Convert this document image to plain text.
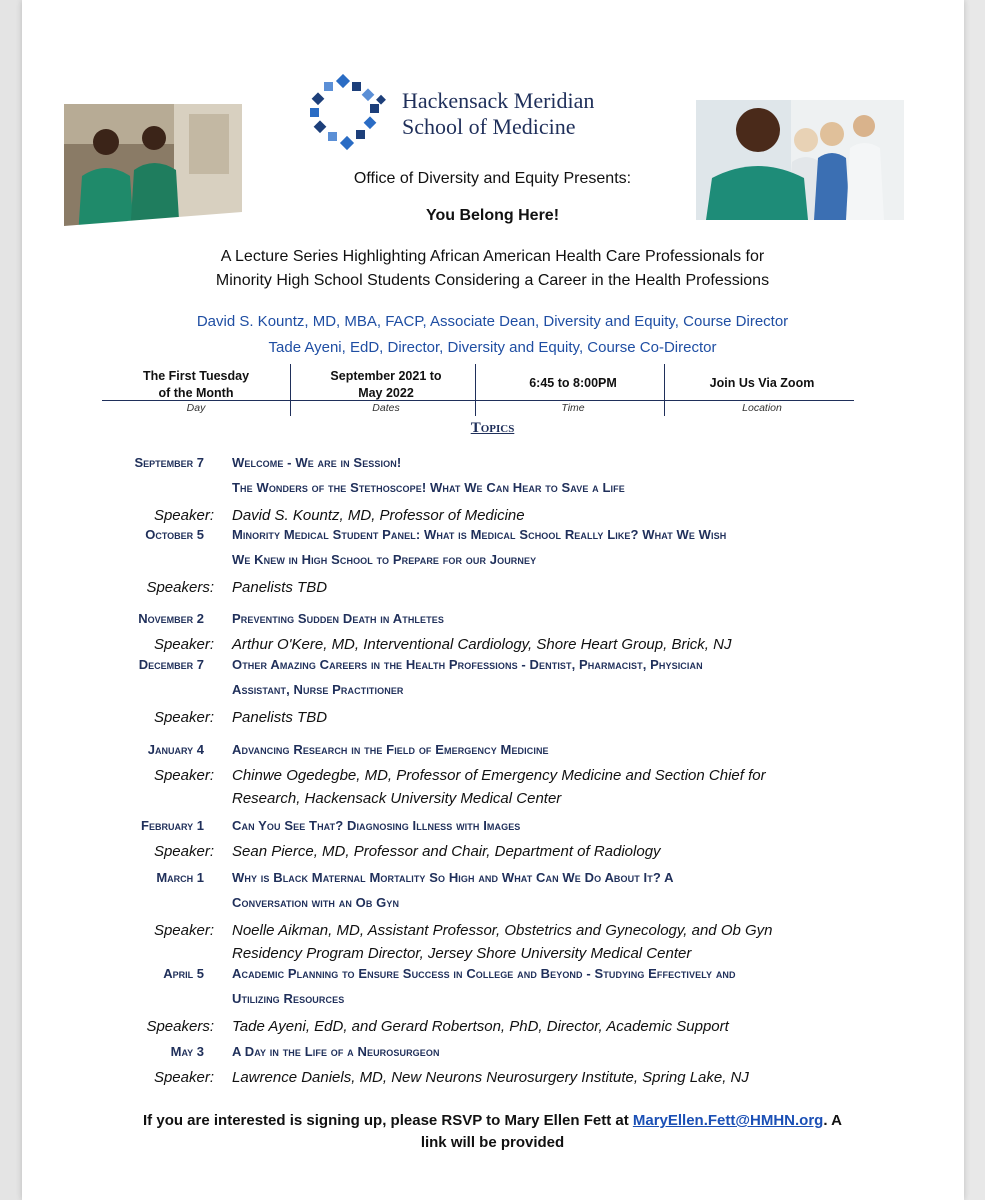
Hackensack Meridian
School of Medicine
Office of Diversity and Equity Presents:
You Belong Here!
A Lecture Series Highlighting African American Health Care Professionals for
Minority High School Students Considering a Career in the Health Professions
David S. Kountz, MD, MBA, FACP, Associate Dean, Diversity and Equity, Course Director
Tade Ayeni, EdD, Director, Diversity and Equity, Course Co-Director
The First Tuesday
of the Month
Day
September 2021 to
May 2022
Dates
6:45 to 8:00PM
Time
Join Us Via Zoom
Location
Topics
September 7 Welcome - We are in Session!
The Wonders of the Stethoscope! What We Can Hear to Save a Life
Speaker: David S. Kountz, MD, Professor of Medicine
October 5 Minority Medical Student Panel: What is Medical School Really Like? What We Wish
We Knew in High School to Prepare for our Journey
Speakers: Panelists TBD
November 2 Preventing Sudden Death in Athletes
Speaker: Arthur O'Kere, MD, Interventional Cardiology, Shore Heart Group, Brick, NJ
December 7 Other Amazing Careers in the Health Professions - Dentist, Pharmacist, Physician
Assistant, Nurse Practitioner
Speaker: Panelists TBD
January 4 Advancing Research in the Field of Emergency Medicine
Speaker: Chinwe Ogedegbe, MD, Professor of Emergency Medicine and Section Chief for
Research, Hackensack University Medical Center
February 1 Can You See That? Diagnosing Illness with Images
Speaker: Sean Pierce, MD, Professor and Chair, Department of Radiology
March 1 Why is Black Maternal Mortality So High and What Can We Do About It? A
Conversation with an Ob Gyn
Speaker: Noelle Aikman, MD, Assistant Professor, Obstetrics and Gynecology, and Ob Gyn
Residency Program Director, Jersey Shore University Medical Center
April 5 Academic Planning to Ensure Success in College and Beyond - Studying Effectively and
Utilizing Resources
Speakers: Tade Ayeni, EdD, and Gerard Robertson, PhD, Director, Academic Support
May 3 A Day in the Life of a Neurosurgeon
Speaker: Lawrence Daniels, MD, New Neurons Neurosurgery Institute, Spring Lake, NJ
If you are interested is signing up, please RSVP to Mary Ellen Fett at MaryEllen.Fett@HMHN.org. A
link will be provided
